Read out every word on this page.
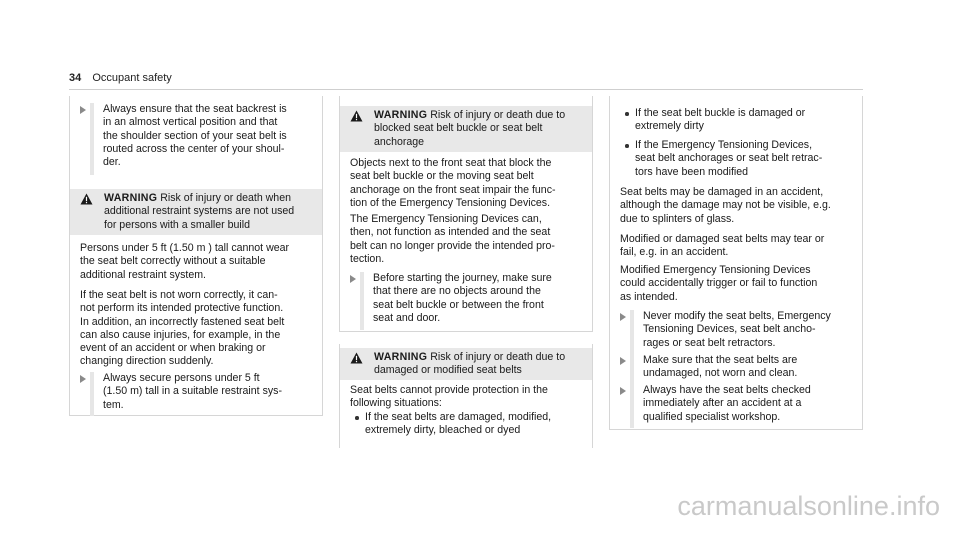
34 Occupant safety
Always ensure that the seat backrest is
in an almost vertical position and that
the shoulder section of your seat belt is
routed across the center of your shoul-
der.
WARNING Risk of injury or death when
additional restraint systems are not used
for persons with a smaller build
Persons under 5 ft (1.50 m ) tall cannot wear
the seat belt correctly without a suitable
additional restraint system.
If the seat belt is not worn correctly, it can-
not perform its intended protective function.
In addition, an incorrectly fastened seat belt
can also cause injuries, for example, in the
event of an accident or when braking or
changing direction suddenly.
Always secure persons under 5 ft
(1.50 m) tall in a suitable restraint sys-
tem.
WARNING Risk of injury or death due to
blocked seat belt buckle or seat belt
anchorage
Objects next to the front seat that block the
seat belt buckle or the moving seat belt
anchorage on the front seat impair the func-
tion of the Emergency Tensioning Devices.
The Emergency Tensioning Devices can,
then, not function as intended and the seat
belt can no longer provide the intended pro-
tection.
Before starting the journey, make sure
that there are no objects around the
seat belt buckle or between the front
seat and door.
WARNING Risk of injury or death due to
damaged or modified seat belts
Seat belts cannot provide protection in the
following situations:
If the seat belts are damaged, modified,
extremely dirty, bleached or dyed
If the seat belt buckle is damaged or
extremely dirty
If the Emergency Tensioning Devices,
seat belt anchorages or seat belt retrac-
tors have been modified
Seat belts may be damaged in an accident,
although the damage may not be visible, e.g.
due to splinters of glass.
Modified or damaged seat belts may tear or
fail, e.g. in an accident.
Modified Emergency Tensioning Devices
could accidentally trigger or fail to function
as intended.
Never modify the seat belts, Emergency
Tensioning Devices, seat belt ancho-
rages or seat belt retractors.
Make sure that the seat belts are
undamaged, not worn and clean.
Always have the seat belts checked
immediately after an accident at a
qualified specialist workshop.
carmanualsonline.info
